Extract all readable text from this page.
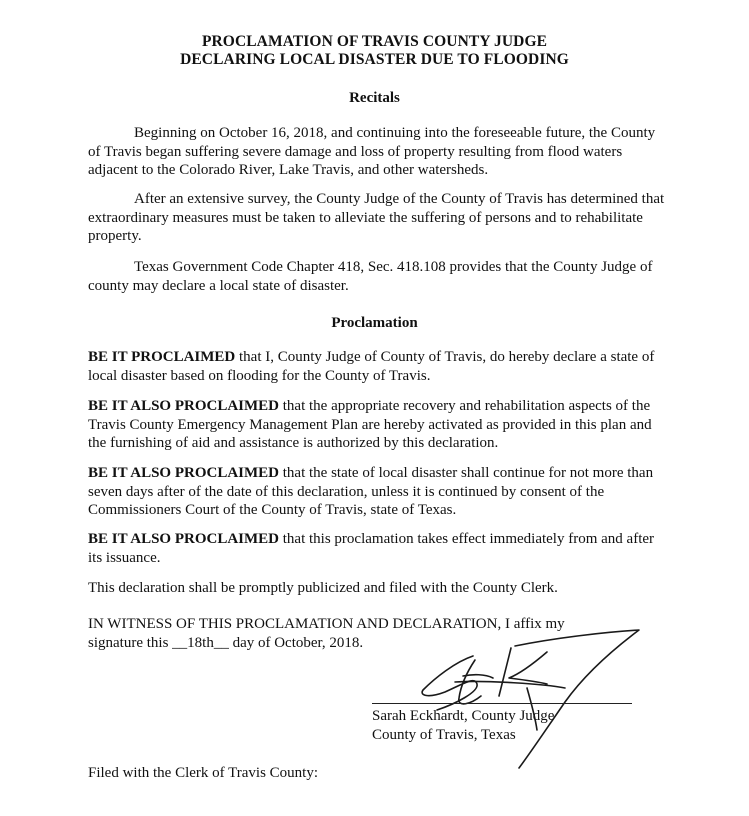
PROCLAMATION OF TRAVIS COUNTY JUDGE
DECLARING LOCAL DISASTER DUE TO FLOODING
Recitals
Beginning on October 16, 2018, and continuing into the foreseeable future, the County of Travis began suffering severe damage and loss of property resulting from flood waters adjacent to the Colorado River, Lake Travis, and other watersheds.
After an extensive survey, the County Judge of the County of Travis has determined that extraordinary measures must be taken to alleviate the suffering of persons and to rehabilitate property.
Texas Government Code Chapter 418, Sec. 418.108 provides that the County Judge of county may declare a local state of disaster.
Proclamation
BE IT PROCLAIMED that I, County Judge of County of Travis, do hereby declare a state of local disaster based on flooding for the County of Travis.
BE IT ALSO PROCLAIMED that the appropriate recovery and rehabilitation aspects of the Travis County Emergency Management Plan are hereby activated as provided in this plan and the furnishing of aid and assistance is authorized by this declaration.
BE IT ALSO PROCLAIMED that the state of local disaster shall continue for not more than seven days after of the date of this declaration, unless it is continued by consent of the Commissioners Court of the County of Travis, state of Texas.
BE IT ALSO PROCLAIMED that this proclamation takes effect immediately from and after its issuance.
This declaration shall be promptly publicized and filed with the County Clerk.
IN WITNESS OF THIS PROCLAMATION AND DECLARATION, I affix my signature this __18th__ day of October, 2018.
Sarah Eckhardt, County Judge
County of Travis, Texas
Filed with the Clerk of Travis County:
